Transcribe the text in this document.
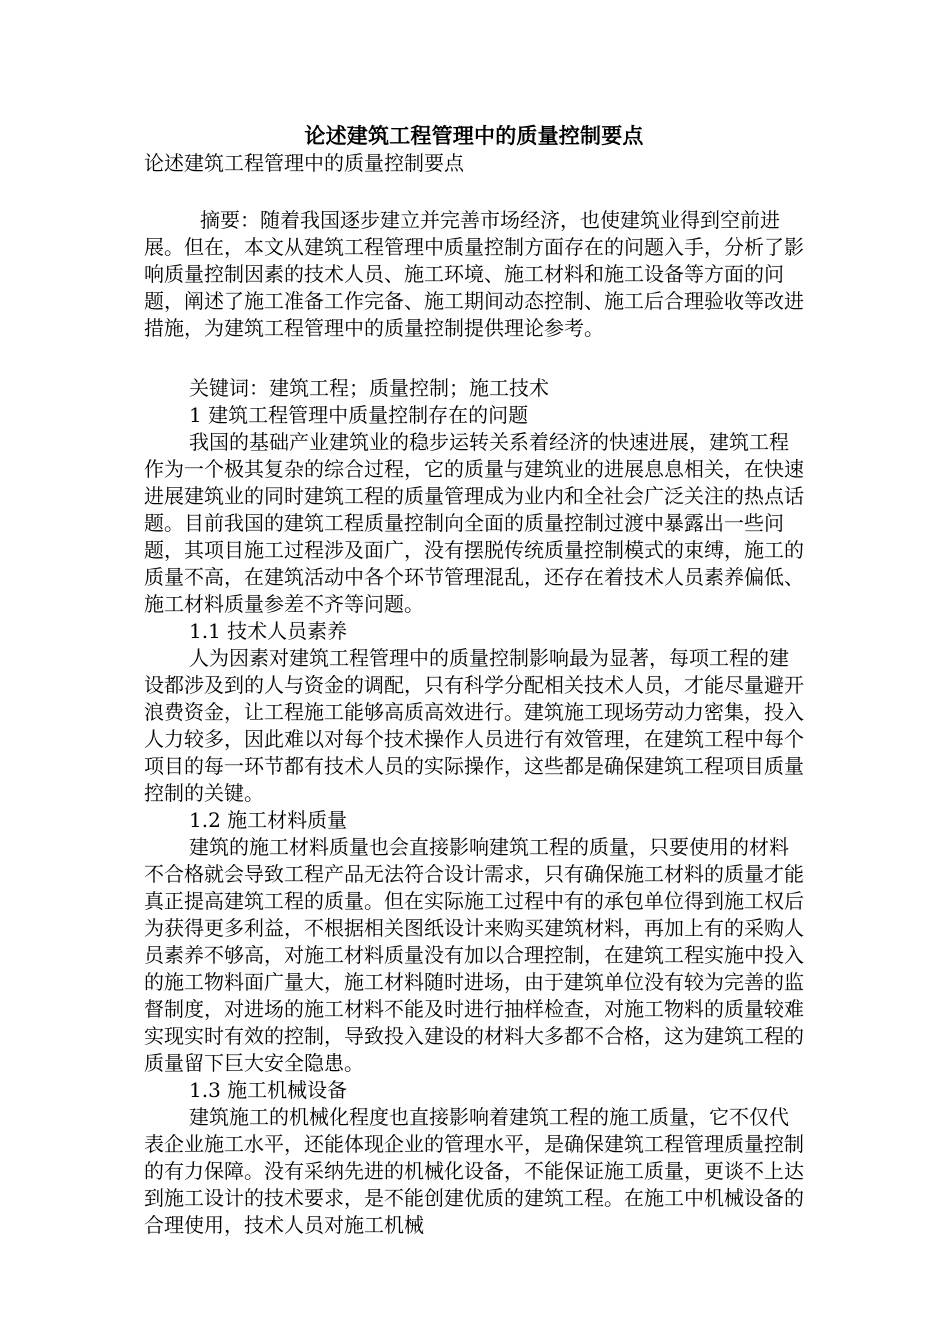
论述建筑工程管理中的质量控制要点
论述建筑工程管理中的质量控制要点

摘要：随着我国逐步建立并完善市场经济，也使建筑业得到空前进展。但在，本文从建筑工程管理中质量控制方面存在的问题入手，分析了影响质量控制因素的技术人员、施工环境、施工材料和施工设备等方面的问题，阐述了施工准备工作完备、施工期间动态控制、施工后合理验收等改进措施，为建筑工程管理中的质量控制提供理论参考。

关键词：建筑工程；质量控制；施工技术

1 建筑工程管理中质量控制存在的问题

我国的基础产业建筑业的稳步运转关系着经济的快速进展，建筑工程作为一个极其复杂的综合过程，它的质量与建筑业的进展息息相关，在快速进展建筑业的同时建筑工程的质量管理成为业内和全社会广泛关注的热点话题。目前我国的建筑工程质量控制向全面的质量控制过渡中暴露出一些问题，其项目施工过程涉及面广，没有摆脱传统质量控制模式的束缚，施工的质量不高，在建筑活动中各个环节管理混乱，还存在着技术人员素养偏低、施工材料质量参差不齐等问题。

1.1 技术人员素养

人为因素对建筑工程管理中的质量控制影响最为显著，每项工程的建设都涉及到的人与资金的调配，只有科学分配相关技术人员，才能尽量避开浪费资金，让工程施工能够高质高效进行。建筑施工现场劳动力密集，投入人力较多，因此难以对每个技术操作人员进行有效管理，在建筑工程中每个项目的每一环节都有技术人员的实际操作，这些都是确保建筑工程项目质量控制的关键。

1.2 施工材料质量

建筑的施工材料质量也会直接影响建筑工程的质量，只要使用的材料不合格就会导致工程产品无法符合设计需求，只有确保施工材料的质量才能真正提高建筑工程的质量。但在实际施工过程中有的承包单位得到施工权后为获得更多利益，不根据相关图纸设计来购买建筑材料，再加上有的采购人员素养不够高，对施工材料质量没有加以合理控制，在建筑工程实施中投入的施工物料面广量大，施工材料随时进场，由于建筑单位没有较为完善的监督制度，对进场的施工材料不能及时进行抽样检查，对施工物料的质量较难实现实时有效的控制，导致投入建设的材料大多都不合格，这为建筑工程的质量留下巨大安全隐患。

1.3 施工机械设备

建筑施工的机械化程度也直接影响着建筑工程的施工质量，它不仅代表企业施工水平，还能体现企业的管理水平，是确保建筑工程管理质量控制的有力保障。没有采纳先进的机械化设备，不能保证施工质量，更谈不上达到施工设计的技术要求，是不能创建优质的建筑工程。在施工中机械设备的合理使用，技术人员对施工机械
